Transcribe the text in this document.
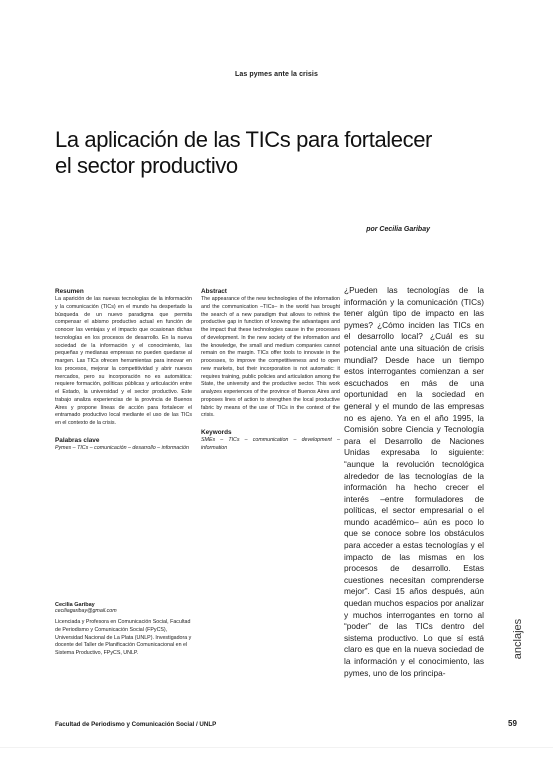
Las pymes ante la crisis
La aplicación de las TICs para fortalecer
el sector productivo
por Cecilia Garibay
Resumen
La aparición de las nuevas tecnologías de la información y la comunicación (TICs) en el mundo ha despertado la búsqueda de un nuevo paradigma que permita compensar el abismo productivo actual en función de conocer las ventajas y el impacto que ocasionan dichas tecnologías en los procesos de desarrollo. En la nueva sociedad de la información y el conocimiento, las pequeñas y medianas empresas no pueden quedarse al margen. Las TICs ofrecen herramientas para innovar en los procesos, mejorar la competitividad y abrir nuevos mercados, pero su incorporación no es automática: requiere formación, políticas públicas y articulación entre el Estado, la universidad y el sector productivo. Este trabajo analiza experiencias de la provincia de Buenos Aires y propone líneas de acción para fortalecer el entramado productivo local mediante el uso de las TICs en el contexto de la crisis.
Palabras clave
Pymes – TICs – comunicación – desarrollo – información
Abstract
The appearance of the new technologies of the information and the communication –TICs– in the world has brought the search of a new paradigm that allows to rethink the productive gap in function of knowing the advantages and the impact that these technologies cause in the processes of development. In the new society of the information and the knowledge, the small and medium companies cannot remain on the margin. TICs offer tools to innovate in the processes, to improve the competitiveness and to open new markets, but their incorporation is not automatic: it requires training, public policies and articulation among the State, the university and the productive sector. This work analyzes experiences of the province of Buenos Aires and proposes lines of action to strengthen the local productive fabric by means of the use of TICs in the context of the crisis.
Keywords
SMEs – TICs – communication – development – information
Cecilia Garibay
ceciliagaribay@gmail.com
Licenciada y Profesora en Comunicación Social, Facultad de Periodismo y Comunicación Social (FPyCS), Universidad Nacional de La Plata (UNLP). Investigadora y docente del Taller de Planificación Comunicacional en el Sistema Productivo, FPyCS, UNLP.
¿Pueden las tecnologías de la información y la comunicación (TICs) tener algún tipo de impacto en las pymes? ¿Cómo inciden las TICs en el desarrollo local? ¿Cuál es su potencial ante una situación de crisis mundial? Desde hace un tiempo estos interrogantes comienzan a ser escuchados en más de una oportunidad en la sociedad en general y el mundo de las empresas no es ajeno. Ya en el año 1995, la Comisión sobre Ciencia y Tecnología para el Desarrollo de Naciones Unidas expresaba lo siguiente: “aunque la revolución tecnológica alrededor de las tecnologías de la información ha hecho crecer el interés –entre formuladores de políticas, el sector empresarial o el mundo académico– aún es poco lo que se conoce sobre los obstáculos para acceder a estas tecnologías y el impacto de las mismas en los procesos de desarrollo. Estas cuestiones necesitan comprenderse mejor”. Casi 15 años después, aún quedan muchos espacios por analizar y muchos interrogantes en torno al “poder” de las TICs dentro del sistema productivo. Lo que sí está claro es que en la nueva sociedad de la información y el conocimiento, las pymes, uno de los principa-
anclajes
Facultad de Periodismo y Comunicación Social / UNLP	59
